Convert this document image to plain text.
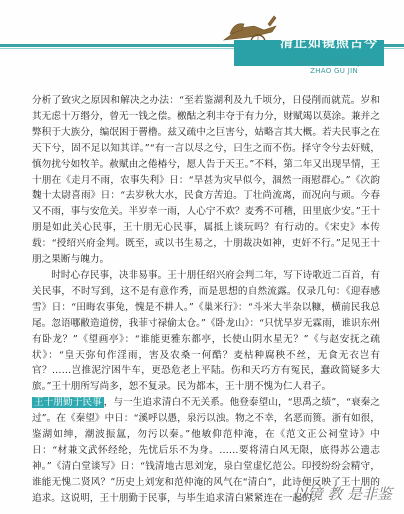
清正如镜照古今
QING ZHENG RU JING
ZHAO GU JIN

分析了致灾之原因和解决之办法：“至若鉴湖利及九千顷分，日侵削而就荒。岁和其无虑十万缗分，曾无一钱之偿。檄酤之利丰夺于有力分，财赋竭以莫涂。兼并之弊积于大族分，编氓困于罾橹。兹又疏中之巨害兮，姑略言其大概。若夫民事之在天下兮，固不足以知其详。”“有一言以尽之兮，曰生之而不伤。择守令兮去奸贼，慎勿扰兮如牧羊。赦赋由之倦椿兮，愿人告于天王。”不料，第二年又出现旱情，王十朋在《走月不雨，农事失利》日：“旱甚为灾早似今，涸然一雨慰群心。”《次韵魏十太尉喜雨》日：“去岁秋大水，民食方苦迫。丁壮尚流离，而况向与顽。今春又不雨，事与安危关。半岁幸一雨，人心宁不欢？麦秀不可稽，田里底少安。”王十朋是如此关心民事，王十朋无心民事，属抵上谈玩吗？有行动的。《宋史》本传载：“授绍兴府金判。既至，或以书生易之，十朋裁决如神，吏奸不行。”足见王十朋之果断与魄力。

时时心存民事，决非易事。王十朋任绍兴府会判二年，写下诗歌近二百首，有关民事，不时写到，这不是有意作秀，而是思想的自然流露。仅录几句：《迎春感雪》日：“田晦农事兔，愧是不耕人。”《巢米行》：“斗米大半杂以糠，横前民我总尾。忽语哪敝造道傍，我菲寸禄偷太仓。”《卧龙山》：“只忧旱岁无霖雨，谁识东州有卧龙？”《望画亭》：“谁能更雅东都亭，长使山阴水星无？”《与赵安抚之疏状》：“皇天弥旬作淫雨，害及农桑一何酷？麦枯种腐秧不丝，无食无衣岂有官？……岂推泥泞困牛车，更恐危老上平陆。伤和天巧方有冤民，蠢政简疑多大旅。”王十朋所写尚多，恕不复录。民为都本，王十朋不愧为仁人君子。

王十朋勤于民事 ，与一生追求清白不无关系。他登泰望山，“思禹之绩”，“衰秦之过”。在《秦望》中日：“溪呼以愚，泉污以浊。物之不幸，名恶而篑。浙有如很，鉴湖如绅，潮波振氲，勿污以秦。”他敏仰范仲淹，在《范文正公祠堂诗》中日：“材兼文武怀经纶，先忧后乐不为身。……要将清白风无限，底得苏公遗志神。”《清白堂谈写》日：“钱清地古思刘宠，泉白堂虚忆范公。印授纷纷会精守，谁能无愧二贤风？”历史上刘宠和范仲淹的风气在“清白”，此诗便反映了王十朋的追求。这说明，王十朋勤于民事，与毕生追求清白紧紧连在一起的。

以镜 教 是非鉴
